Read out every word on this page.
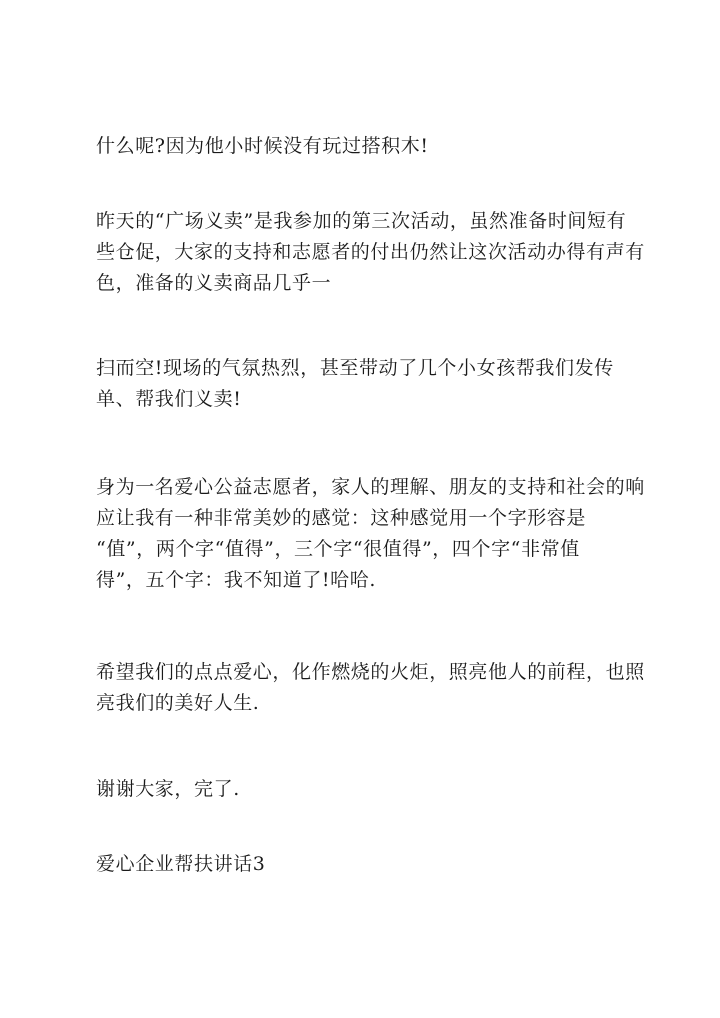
什么呢?因为他小时候没有玩过搭积木!

昨天的“广场义卖”是我参加的第三次活动，虽然准备时间短有
些仓促，大家的支持和志愿者的付出仍然让这次活动办得有声有
色，准备的义卖商品几乎一

扫而空!现场的气氛热烈，甚至带动了几个小女孩帮我们发传
单、帮我们义卖!

身为一名爱心公益志愿者，家人的理解、朋友的支持和社会的响
应让我有一种非常美妙的感觉：这种感觉用一个字形容是
“值”，两个字“值得”，三个字“很值得”，四个字“非常值
得”，五个字：我不知道了!哈哈.

希望我们的点点爱心，化作燃烧的火炬，照亮他人的前程，也照
亮我们的美好人生.

谢谢大家，完了.

爱心企业帮扶讲话3
